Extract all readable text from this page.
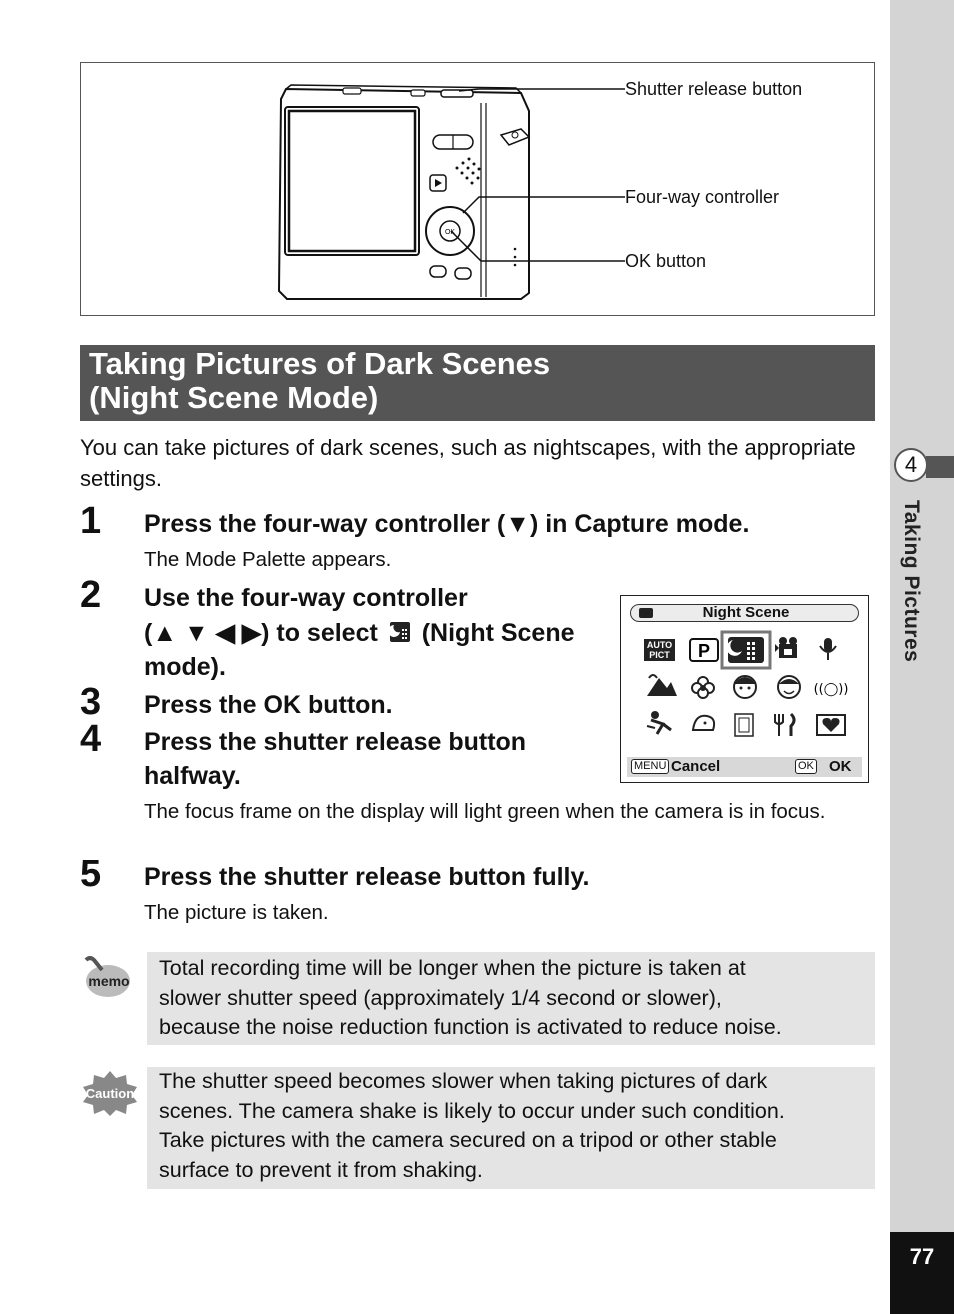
4
Taking Pictures
77
OK
Shutter release button
Four-way controller
OK button
Taking Pictures of Dark Scenes
(Night Scene Mode)
You can take pictures of dark scenes, such as nightscapes, with the appropriate settings.
1 Press the four-way controller (▼) in Capture mode.
The Mode Palette appears.
2 Use the four-way controller
(▲ ▼ ◀ ▶) to select (Night Scene
mode).
3 Press the OK button.
4 Press the shutter release button
halfway.
The focus frame on the display will light green when the camera is in focus.
5 Press the shutter release button fully.
The picture is taken.
Night Scene
AUTO
PICT P
((◯))
MENU Cancel	OK OK
memo
Total recording time will be longer when the picture is taken at
slower shutter speed (approximately 1/4 second or slower),
because the noise reduction function is activated to reduce noise.
Caution
The shutter speed becomes slower when taking pictures of dark
scenes. The camera shake is likely to occur under such condition.
Take pictures with the camera secured on a tripod or other stable
surface to prevent it from shaking.
